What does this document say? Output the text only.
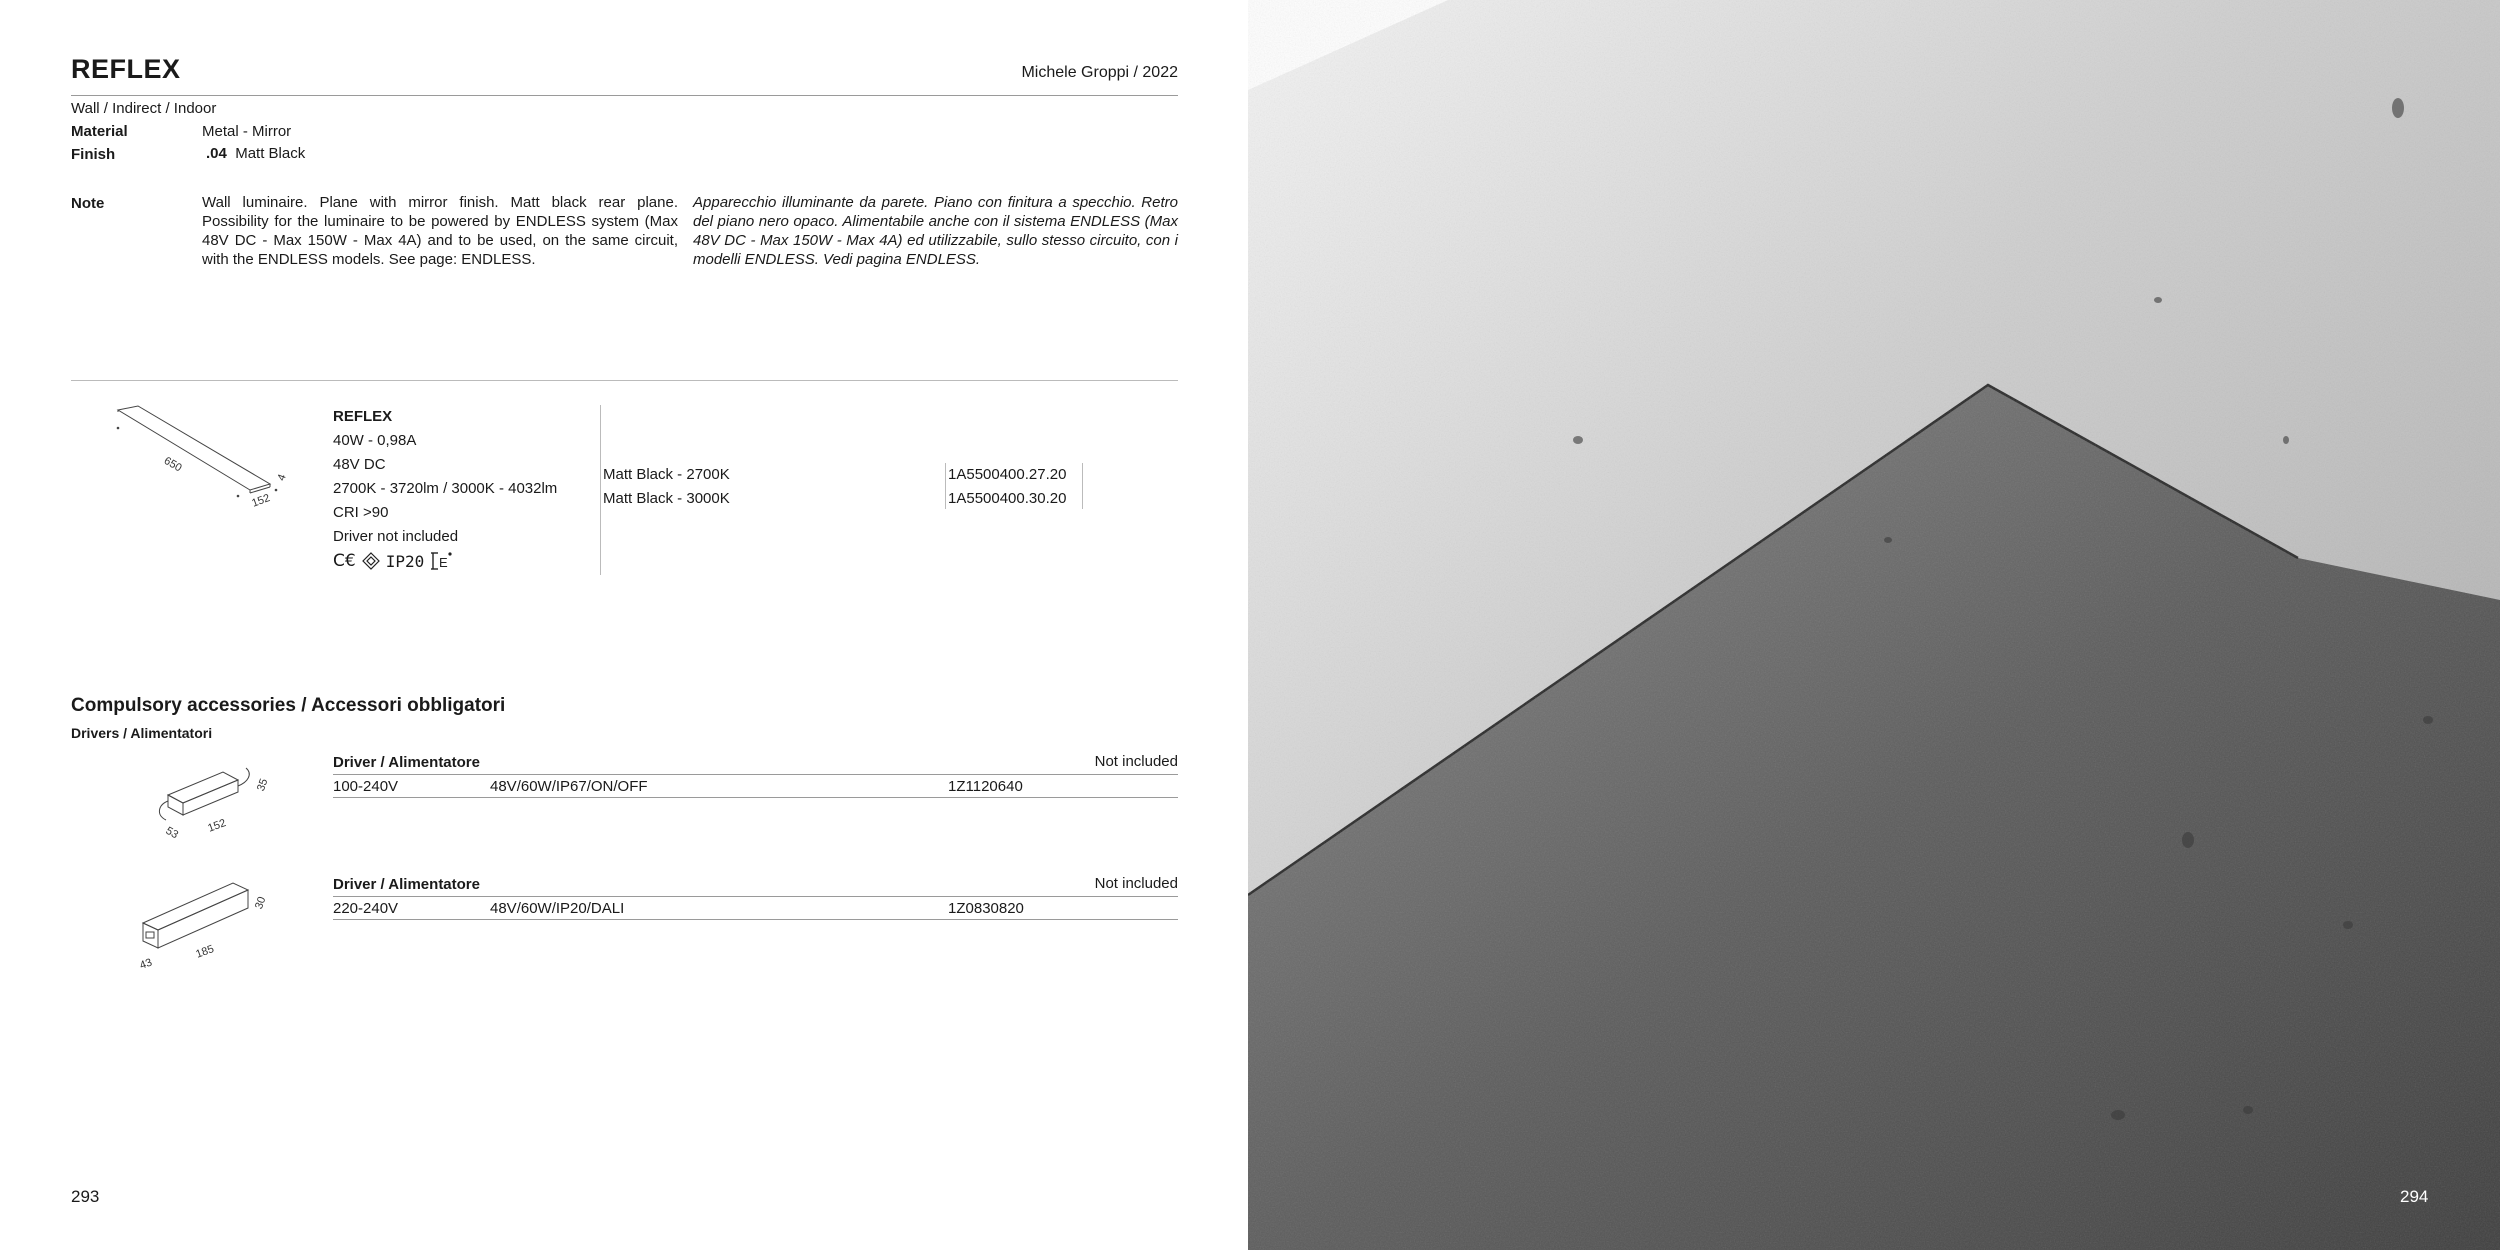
REFLEX	Michele Groppi / 2022
Wall / Indirect / Indoor
Material	Metal - Mirror
Finish	.04 Matt Black
Note	Wall luminaire. Plane with mirror finish. Matt black rear plane. Possibility for the luminaire to be powered by ENDLESS system (Max 48V DC - Max 150W - Max 4A) and to be used, on the same circuit, with the ENDLESS models. See page: ENDLESS.
Apparecchio illuminante da parete. Piano con finitura a specchio. Retro del piano nero opaco. Alimentabile anche con il sistema ENDLESS (Max 48V DC - Max 150W - Max 4A) ed utilizzabile, sullo stesso circuito, con i modelli ENDLESS. Vedi pagina ENDLESS.
650
152
4
REFLEX
40W - 0,98A
48V DC
2700K - 3720lm / 3000K - 4032lm
CRI >90
Driver not included
C€ IP20 E
Matt Black - 2700K	1A5500400.27.20
Matt Black - 3000K	1A5500400.30.20
Compulsory accessories / Accessori obbligatori
Drivers / Alimentatori
35
53 152
Driver / Alimentatore	Not included
100-240V	48V/60W/IP67/ON/OFF	1Z1120640
30
43
185
Driver / Alimentatore	Not included
220-240V	48V/60W/IP20/DALI	1Z0830820
293	294
